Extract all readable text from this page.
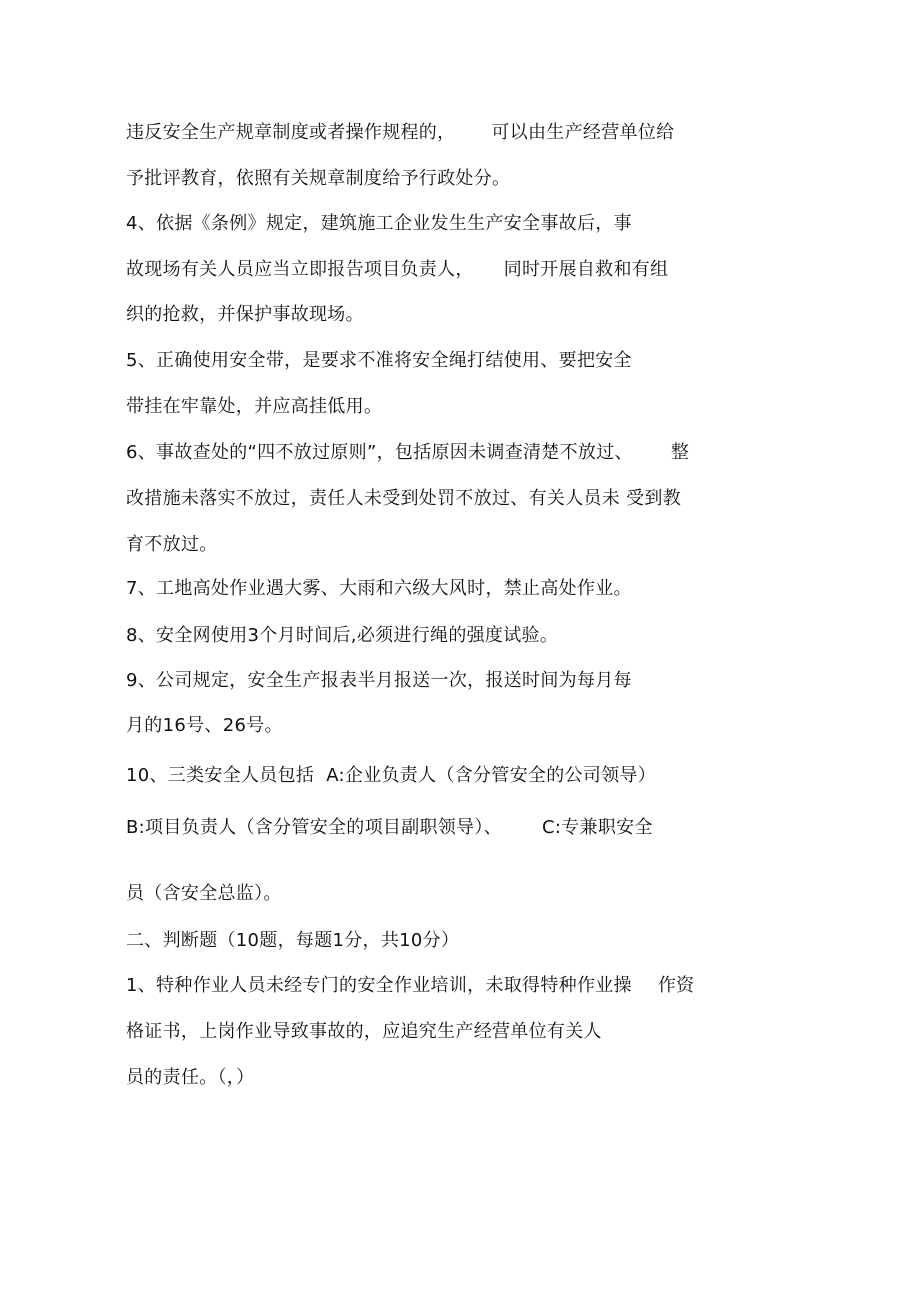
违反安全生产规章制度或者操作规程的， 可以由生产经营单位给
予批评教育，依照有关规章制度给予行政处分。
4、依据《条例》规定，建筑施工企业发生生产安全事故后，事
故现场有关人员应当立即报告项目负责人， 同时开展自救和有组
织的抢救，并保护事故现场。
5、正确使用安全带，是要求不准将安全绳打结使用、要把安全
带挂在牢靠处，并应高挂低用。
6、事故查处的“四不放过原则”，包括原因未调查清楚不放过、 整
改措施未落实不放过，责任人未受到处罚不放过、有关人员未 受到教
育不放过。
7、工地高处作业遇大雾、大雨和六级大风时，禁止高处作业。
8、安全网使用3个月时间后,必须进行绳的强度试验。
9、公司规定，安全生产报表半月报送一次，报送时间为每月每
月的16号、26号。
10、三类安全人员包括  A:企业负责人（含分管安全的公司领导）
B:项目负责人（含分管安全的项目副职领导）、 C:专兼职安全
员（含安全总监）。
二、判断题（10题，每题1分，共10分）
1、特种作业人员未经专门的安全作业培训，未取得特种作业操 作资
格证书，上岗作业导致事故的，应追究生产经营单位有关人
员的责任。（，）
